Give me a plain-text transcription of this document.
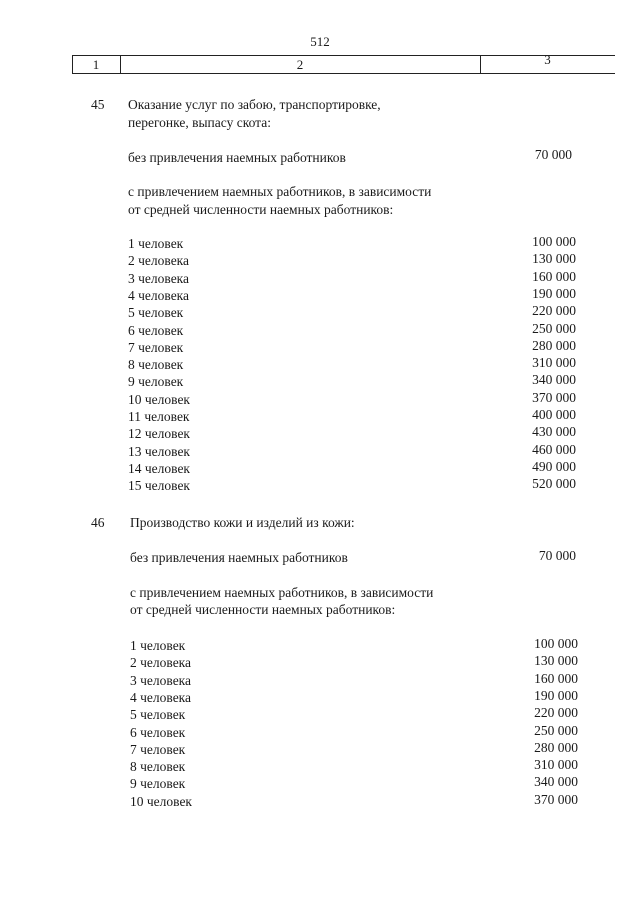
512
1	2	3
45 Оказание услуг по забою, транспортировке,
перегонке, выпасу скота:
без привлечения наемных работников	70 000
с привлечением наемных работников, в зависимости
от средней численности наемных работников:
1 человек	100 000
2 человека	130 000
3 человека	160 000
4 человека	190 000
5 человек	220 000
6 человек	250 000
7 человек	280 000
8 человек	310 000
9 человек	340 000
10 человек	370 000
11 человек	400 000
12 человек	430 000
13 человек	460 000
14 человек	490 000
15 человек	520 000
46 Производство кожи и изделий из кожи:
без привлечения наемных работников	70 000
с привлечением наемных работников, в зависимости
от средней численности наемных работников:
1 человек	100 000
2 человека	130 000
3 человека	160 000
4 человека	190 000
5 человек	220 000
6 человек	250 000
7 человек	280 000
8 человек	310 000
9 человек	340 000
10 человек	370 000
